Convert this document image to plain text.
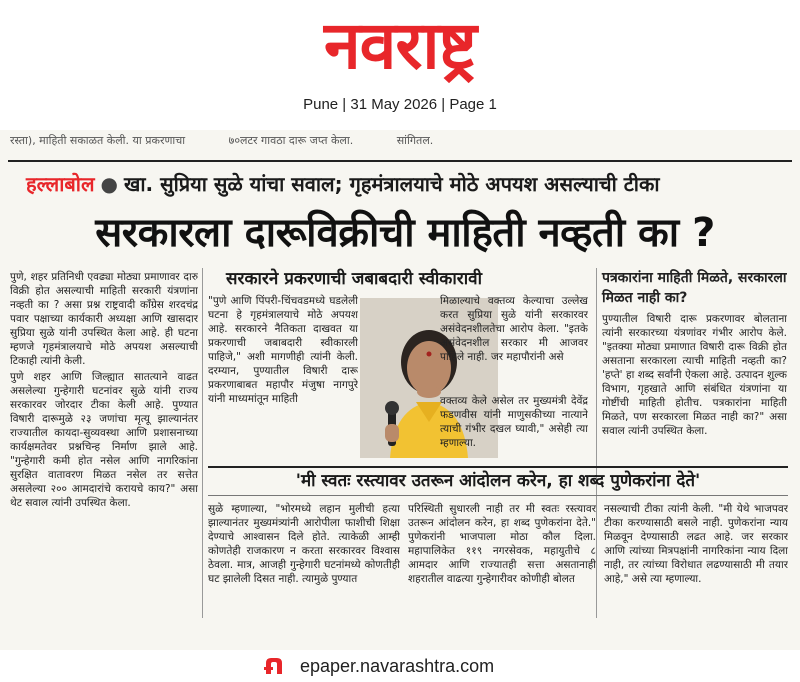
नवराष्ट्र
Pune | 31 May 2026 | Page 1
रस्ता), माहिती सकाळत केली. या प्रकरणाचा	७०लटर गावठा दारू जप्त केला.	सांगितल.
हल्लाबोल ● खा. सुप्रिया सुळे यांचा सवाल; गृहमंत्रालयाचे मोठे अपयश असल्याची टीका
सरकारला दारूविक्रीची माहिती नव्हती का ?

पुणे, शहर प्रतिनिधी एवढ्या मोठ्या प्रमाणावर दारु विक्री होत असल्याची माहिती सरकारी यंत्रणांना नव्हती का ? असा प्रश्न राष्ट्रवादी काँग्रेस शरदचंद्र पवार पक्षाच्या कार्यकारी अध्यक्षा आणि खासदार सुप्रिया सुळे यांनी उपस्थित केला आहे. ही घटना म्हणजे गृहमंत्रालयाचे मोठे अपयश असल्याची टिकाही त्यांनी केली.

पुणे शहर आणि जिल्ह्यात सातत्याने वाढत असलेल्या गुन्हेगारी घटनांवर सुळे यांनी राज्य सरकारवर जोरदार टीका केली आहे. पुण्यात विषारी दारूमुळे २३ जणांचा मृत्यू झाल्यानंतर राज्यातील कायदा-सुव्यवस्था आणि प्रशासनाच्या कार्यक्षमतेवर प्रश्नचिन्ह निर्माण झाले आहे. "गुन्हेगारी कमी होत नसेल आणि नागरिकांना सुरक्षित वातावरण मिळत नसेल तर सत्तेत असलेल्या २०० आमदारांचे करायचे काय?" असा थेट सवाल त्यांनी उपस्थित केला.

सरकारने प्रकरणाची जबाबदारी स्वीकारावी

"पुणे आणि पिंपरी-चिंचवडमध्ये घडलेली घटना हे गृहमंत्रालयाचे मोठे अपयश आहे. सरकारने नैतिकता दाखवत या प्रकरणाची जबाबदारी स्वीकारली पाहिजे," अशी मागणीही त्यांनी केली. दरम्यान, पुण्यातील विषारी दारू प्रकरणाबाबत महापौर मंजुषा नागपुरे यांनी माध्यमांतून माहिती

मिळाल्याचे वक्तव्य केल्याचा उल्लेख करत सुप्रिया सुळे यांनी सरकारवर असंवेदनशीलतेचा आरोप केला. "इतके असंवेदनशील सरकार मी आजवर पाहिले नाही. जर महापौरांनी असे

वक्तव्य केले असेल तर मुख्यमंत्री देवेंद्र फडणवीस यांनी माणुसकीच्या नात्याने त्याची गंभीर दखल घ्यावी," असेही त्या म्हणाल्या.

पत्रकारांना माहिती मिळते, सरकारला मिळत नाही का?

पुण्यातील विषारी दारू प्रकरणावर बोलताना त्यांनी सरकारच्या यंत्रणांवर गंभीर आरोप केले. "इतक्या मोठ्या प्रमाणात विषारी दारू विक्री होत असताना सरकारला त्याची माहिती नव्हती का? 'हप्ते' हा शब्द सर्वांनी ऐकला आहे. उत्पादन शुल्क विभाग, गृहखाते आणि संबंधित यंत्रणांना या गोष्टींची माहिती होतीच. पत्रकारांना माहिती मिळते, पण सरकारला मिळत नाही का?" असा सवाल त्यांनी उपस्थित केला.

'मी स्वतः रस्त्यावर उतरून आंदोलन करेन, हा शब्द पुणेकरांना देते'

सुळे म्हणाल्या, "भोरमध्ये लहान मुलीची हत्या झाल्यानंतर मुख्यमंत्र्यांनी आरोपीला फाशीची शिक्षा देण्याचे आश्वासन दिले होते. त्याकेळी आम्ही कोणतेही राजकारण न करता सरकारवर विश्वास ठेवला. मात्र, आजही गुन्हेगारी घटनांमध्ये कोणतीही घट झालेली दिसत नाही. त्यामुळे पुण्यात

परिस्थिती सुधारली नाही तर मी स्वतः रस्त्यावर उतरून आंदोलन करेन, हा शब्द पुणेकरांना देते." पुणेकरांनी भाजपाला मोठा कौल दिला. महापालिकेत ११९ नगरसेवक, महायुतीचे ८ आमदार आणि राज्यातही सत्ता असतानाही शहरातील वाढत्या गुन्हेगारीवर कोणीही बोलत

नसल्याची टीका त्यांनी केली. "मी येथे भाजपवर टीका करण्यासाठी बसले नाही. पुणेकरांना न्याय मिळवून देण्यासाठी लढत आहे. जर सरकार आणि त्यांच्या मित्रपक्षांनी नागरिकांना न्याय दिला नाही, तर त्यांच्या विरोधात लढण्यासाठी मी तयार आहे," असे त्या म्हणाल्या.

epaper.navarashtra.com
